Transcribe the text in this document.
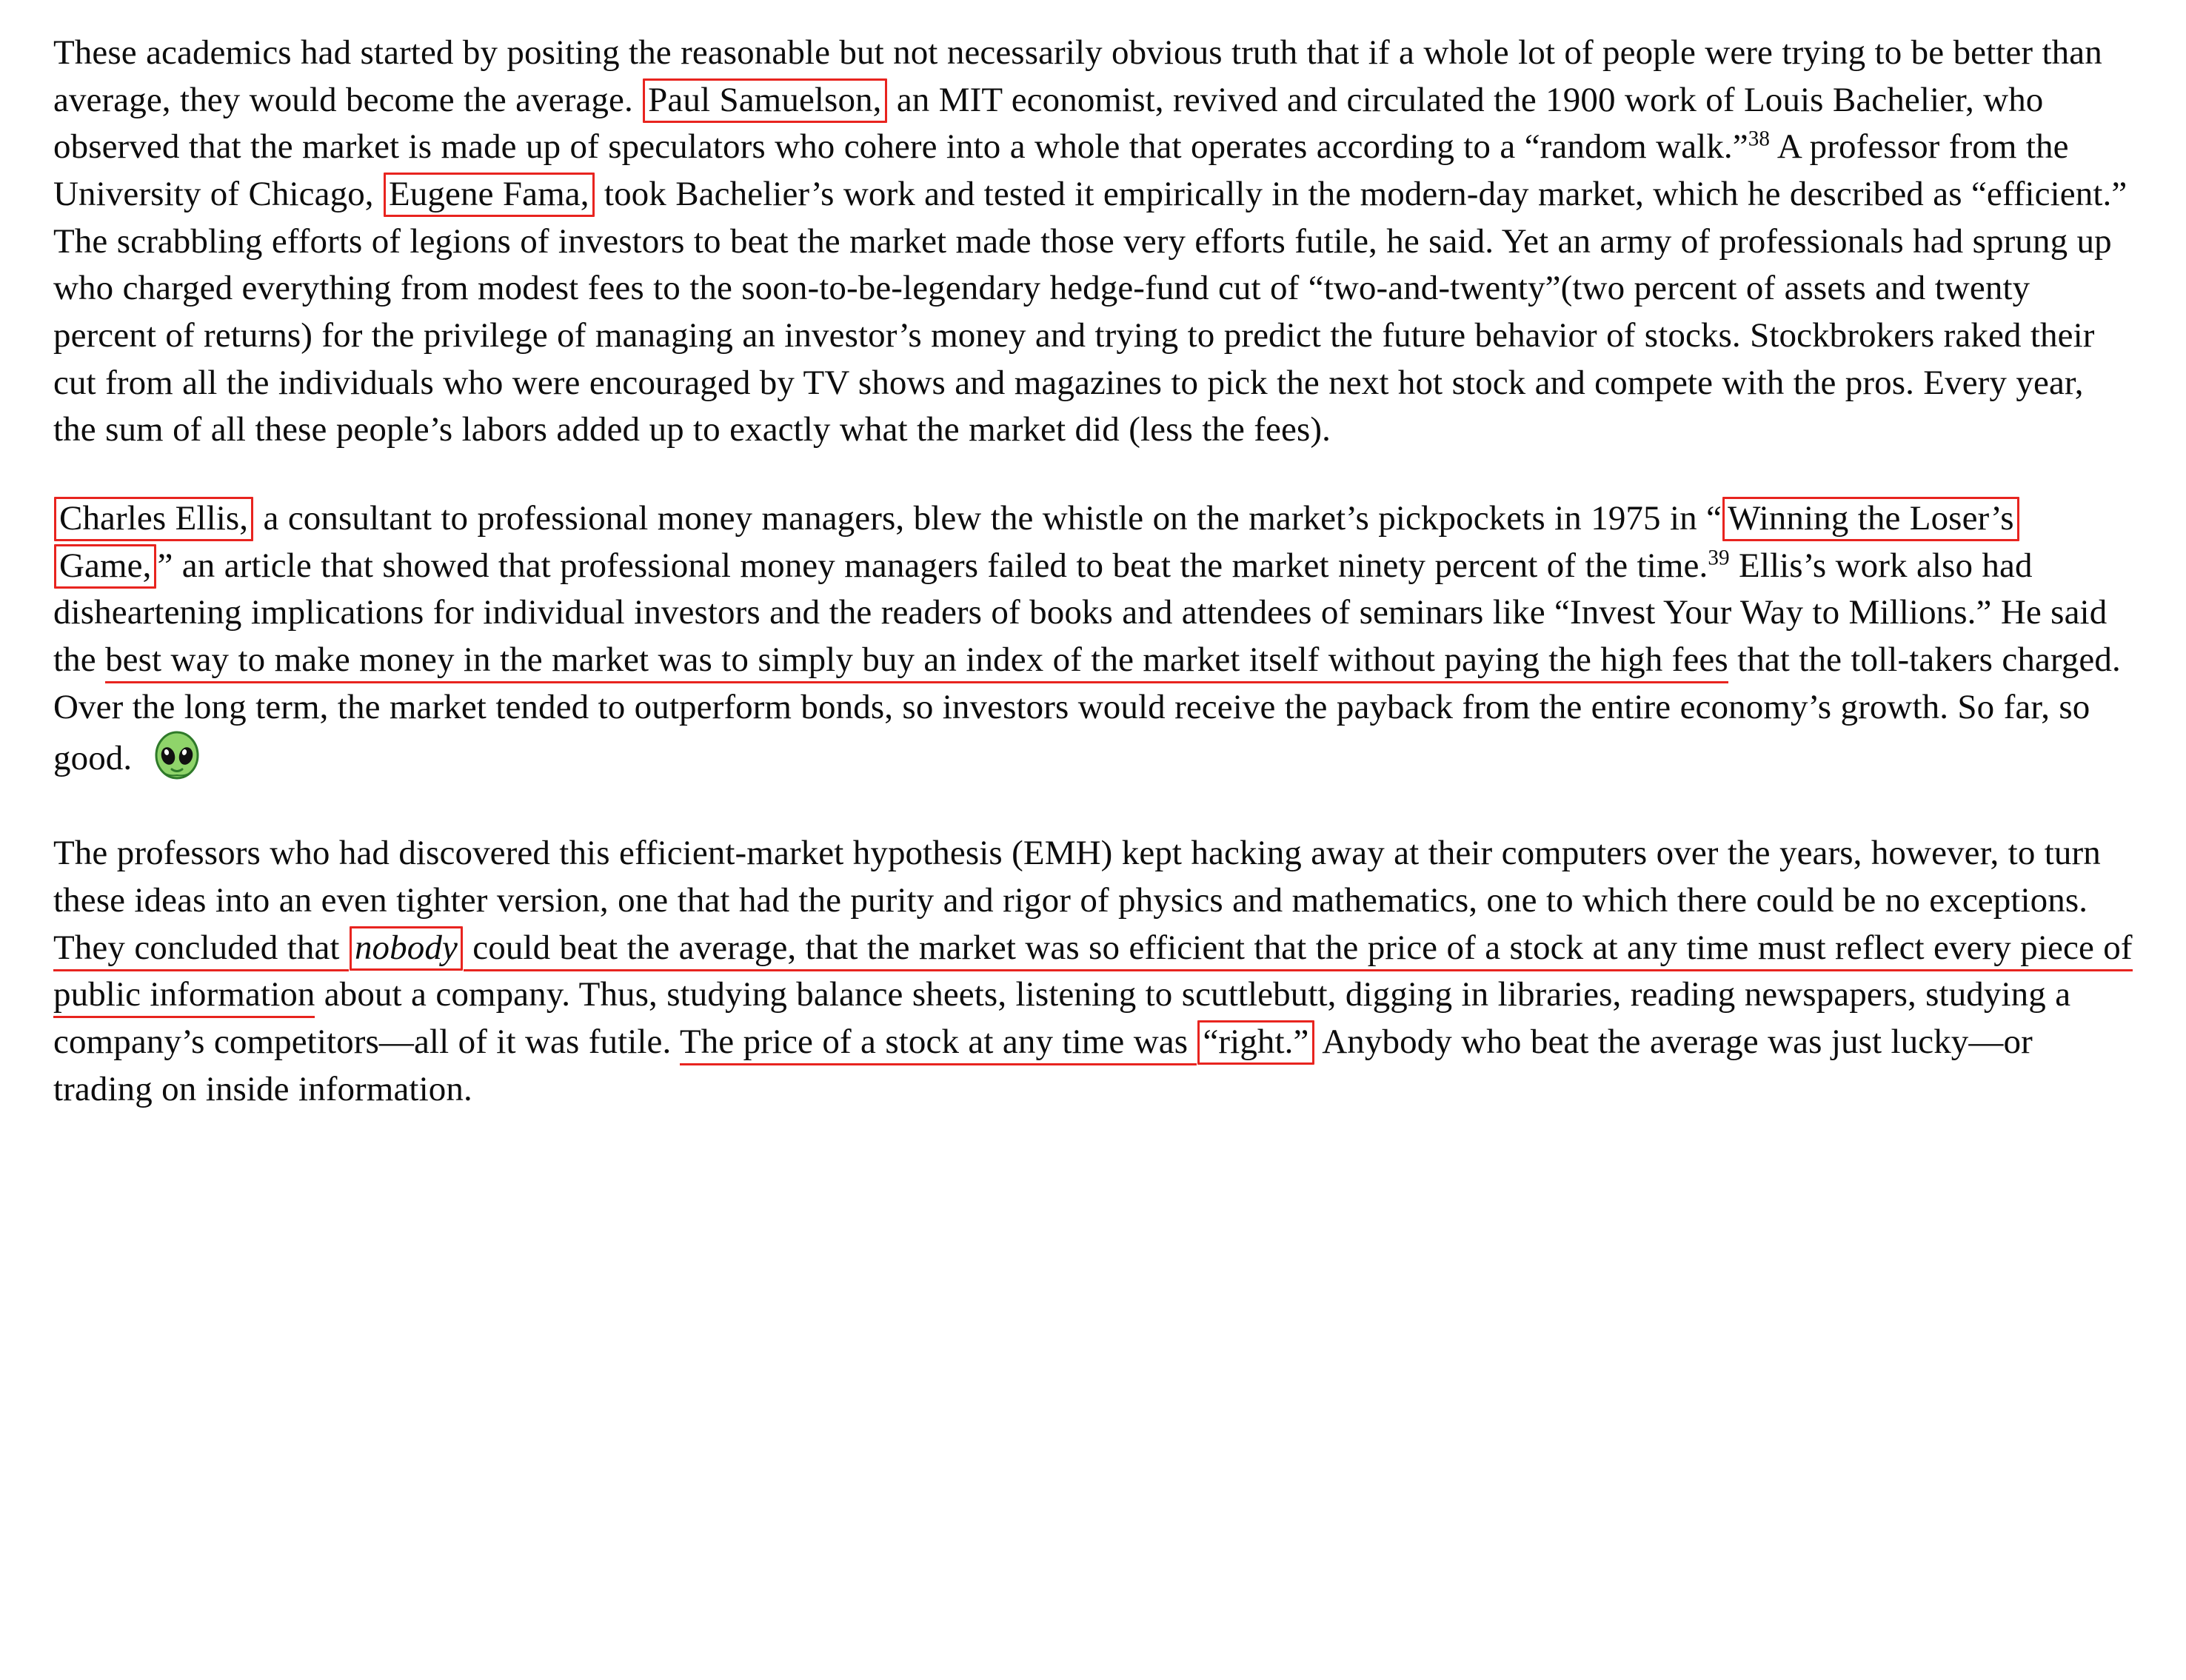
These academics had started by positing the reasonable but not necessarily obvious truth that if a whole lot of people were trying to be better than average, they would become the average. Paul Samuelson, an MIT economist, revived and circulated the 1900 work of Louis Bachelier, who observed that the market is made up of speculators who cohere into a whole that operates according to a “random walk.”$^{38}$ A professor from the University of Chicago, Eugene Fama, took Bachelier’s work and tested it empirically in the modern-day market, which he described as “efficient.” The scrabbling efforts of legions of investors to beat the market made those very efforts futile, he said. Yet an army of professionals had sprung up who charged everything from modest fees to the soon-to-be-legendary hedge-fund cut of “two-and-twenty”(two percent of assets and twenty percent of returns) for the privilege of managing an investor’s money and trying to predict the future behavior of stocks. Stockbrokers raked their cut from all the individuals who were encouraged by TV shows and magazines to pick the next hot stock and compete with the pros. Every year, the sum of all these people’s labors added up to exactly what the market did (less the fees).

Charles Ellis, a consultant to professional money managers, blew the whistle on the market’s pickpockets in 1975 in “ Winning the Loser’s Game, ” an article that showed that professional money managers failed to beat the market ninety percent of the time.$^{39}$ Ellis’s work also had disheartening implications for individual investors and the readers of books and attendees of seminars like “Invest Your Way to Millions.” He said the best way to make money in the market was to simply buy an index of the market itself without paying the high fees that the toll-takers charged. Over the long term, the market tended to outperform bonds, so investors would receive the payback from the entire economy’s growth. So far, so good.

The professors who had discovered this efficient-market hypothesis (EMH) kept hacking away at their computers over the years, however, to turn these ideas into an even tighter version, one that had the purity and rigor of physics and mathematics, one to which there could be no exceptions. They concluded that nobody could beat the average, that the market was so efficient that the price of a stock at any time must reflect every piece of public information about a company. Thus, studying balance sheets, listening to scuttlebutt, digging in libraries, reading newspapers, studying a company’s competitors—all of it was futile. The price of a stock at any time was “right.” Anybody who beat the average was just lucky—or trading on inside information.
